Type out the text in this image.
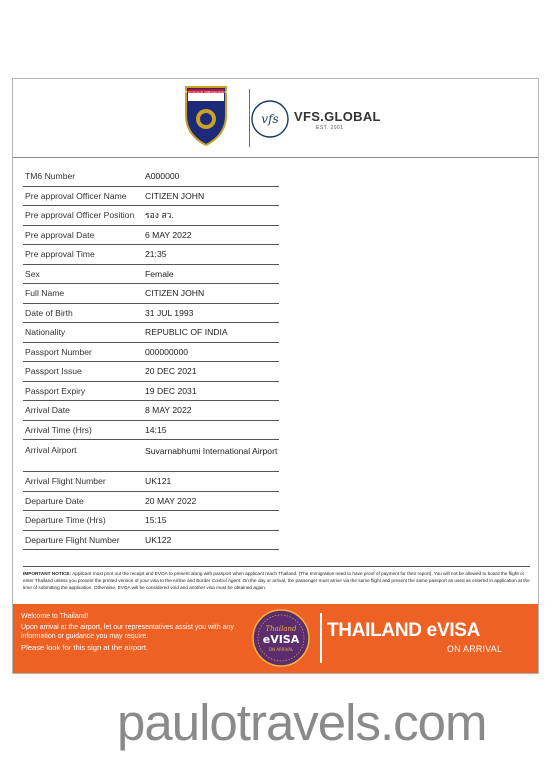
ROYAL THAI POLICE IMMIGRATION BUREAU
vfs VFS.GLOBAL
EST. 2001
TM6 Number	A000000
Pre approval Officer Name	CITIZEN JOHN
Pre approval Officer Position	รอง สว.
Pre approval Date	6 MAY 2022
Pre approval Time	21:35
Sex	Female
Full Name	CITIZEN JOHN
Date of Birth	31 JUL 1993
Nationality	REPUBLIC OF INDIA
Passport Number	000000000
Passport Issue	20 DEC 2021
Passport Expiry	19 DEC 2031
Arrival Date	8 MAY 2022
Arrival Time (Hrs)	14:15
Arrival Airport	Suvarnabhumi International Airport
Arrival Flight Number	UK121
Departure Date	20 MAY 2022
Departure Time (Hrs)	15:15
Departure Flight Number	UK122
IMPORTANT NOTICE: Applicant must print out the receipt and EVOA to present along with passport when applicant reach Thailand. (The Immigration need to have proof of payment for their report). You will not be allowed to board the flight or enter Thailand unless you present the printed version of your visa to the Airline and Border Control Agent. On the day or arrival, the passenger must arrive via the same flight and present the same passport as used as entered in application at the time of submitting the application. Otherwise, EVOA will be considered void and another visa must be obtained again.
Welcome to Thailand!
Upon arrival at the airport, let our representatives assist you with any information or guidance you may require.
Please look for this sign at the airport.
Thailand
eVISA
ON ARRIVAL
THAILAND eVISA
ON ARRIVAL
paulotravels.com
